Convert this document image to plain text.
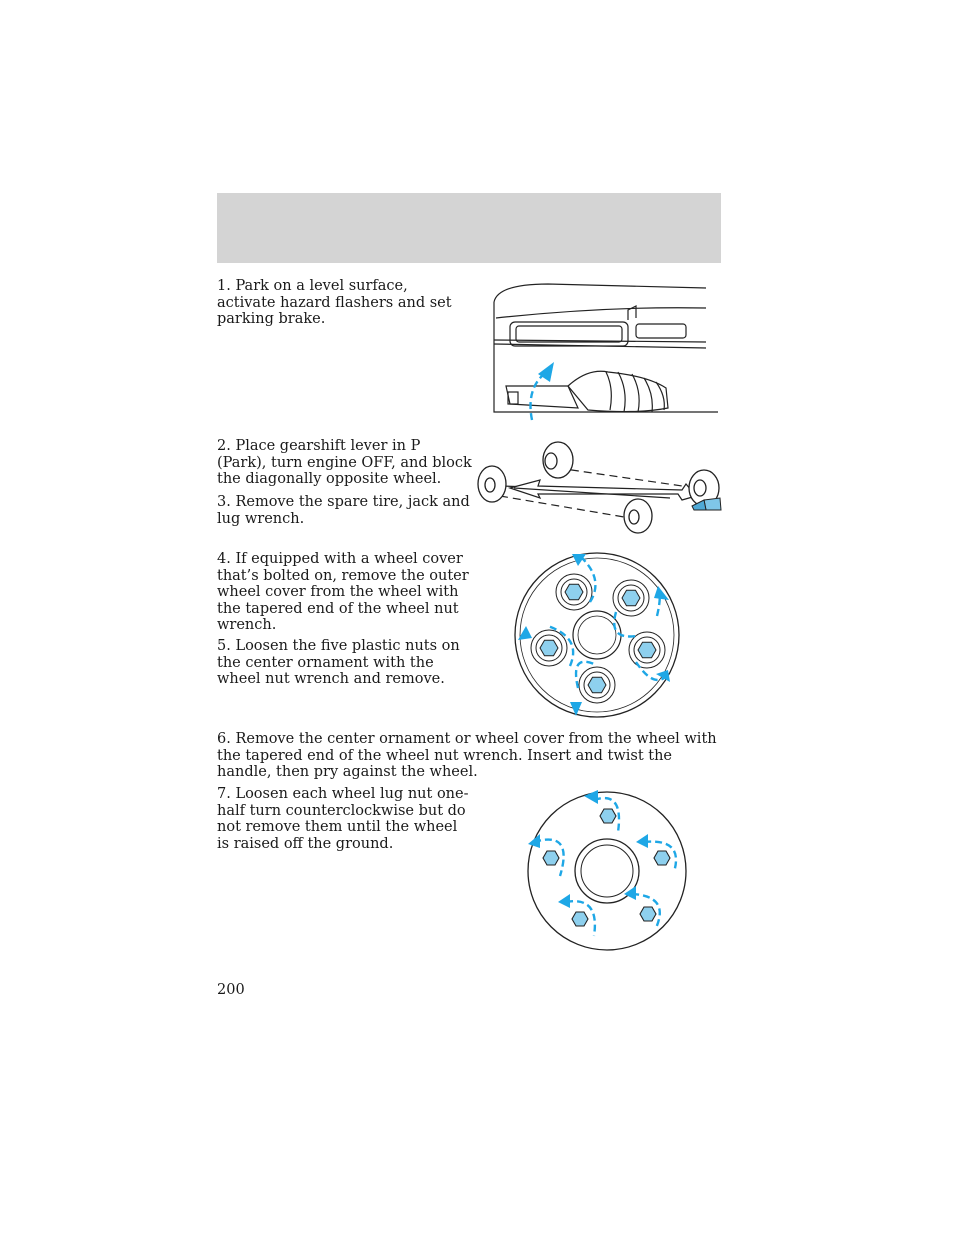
1. Park on a level surface, activate hazard flashers and set parking brake.

2. Place gearshift lever in P (Park), turn engine OFF, and block the diagonally opposite wheel.

3. Remove the spare tire, jack and lug wrench.

4. If equipped with a wheel cover that’s bolted on, remove the outer wheel cover from the wheel with the tapered end of the wheel nut wrench.

5. Loosen the five plastic nuts on the center ornament with the wheel nut wrench and remove.

6. Remove the center ornament or wheel cover from the wheel with the tapered end of the wheel nut wrench. Insert and twist the handle, then pry against the wheel.

7. Loosen each wheel lug nut one-half turn counterclockwise but do not remove them until the wheel is raised off the ground.

200
